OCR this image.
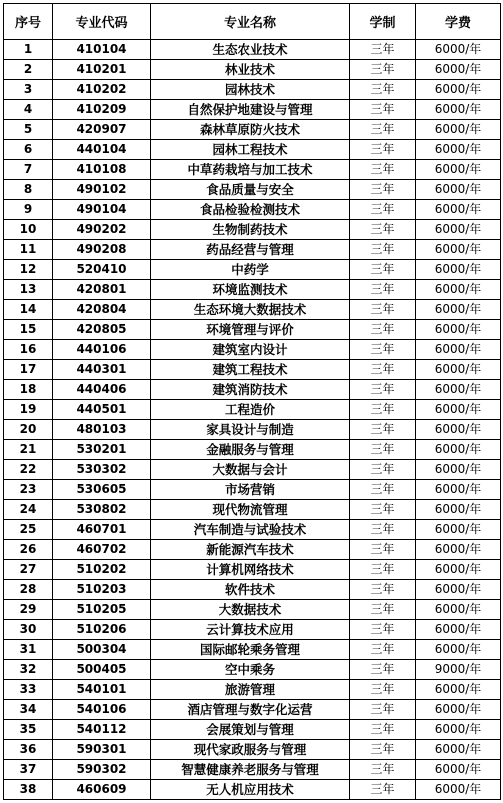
序号	专业代码	专业名称	学制	学费
1	410104	生态农业技术	三年	6000/年
2	410201	林业技术	三年	6000/年
3	410202	园林技术	三年	6000/年
4	410209	自然保护地建设与管理	三年	6000/年
5	420907	森林草原防火技术	三年	6000/年
6	440104	园林工程技术	三年	6000/年
7	410108	中草药栽培与加工技术	三年	6000/年
8	490102	食品质量与安全	三年	6000/年
9	490104	食品检验检测技术	三年	6000/年
10	490202	生物制药技术	三年	6000/年
11	490208	药品经营与管理	三年	6000/年
12	520410	中药学	三年	6000/年
13	420801	环境监测技术	三年	6000/年
14	420804	生态环境大数据技术	三年	6000/年
15	420805	环境管理与评价	三年	6000/年
16	440106	建筑室内设计	三年	6000/年
17	440301	建筑工程技术	三年	6000/年
18	440406	建筑消防技术	三年	6000/年
19	440501	工程造价	三年	6000/年
20	480103	家具设计与制造	三年	6000/年
21	530201	金融服务与管理	三年	6000/年
22	530302	大数据与会计	三年	6000/年
23	530605	市场营销	三年	6000/年
24	530802	现代物流管理	三年	6000/年
25	460701	汽车制造与试验技术	三年	6000/年
26	460702	新能源汽车技术	三年	6000/年
27	510202	计算机网络技术	三年	6000/年
28	510203	软件技术	三年	6000/年
29	510205	大数据技术	三年	6000/年
30	510206	云计算技术应用	三年	6000/年
31	500304	国际邮轮乘务管理	三年	6000/年
32	500405	空中乘务	三年	9000/年
33	540101	旅游管理	三年	6000/年
34	540106	酒店管理与数字化运营	三年	6000/年
35	540112	会展策划与管理	三年	6000/年
36	590301	现代家政服务与管理	三年	6000/年
37	590302	智慧健康养老服务与管理	三年	6000/年
38	460609	无人机应用技术	三年	6000/年
